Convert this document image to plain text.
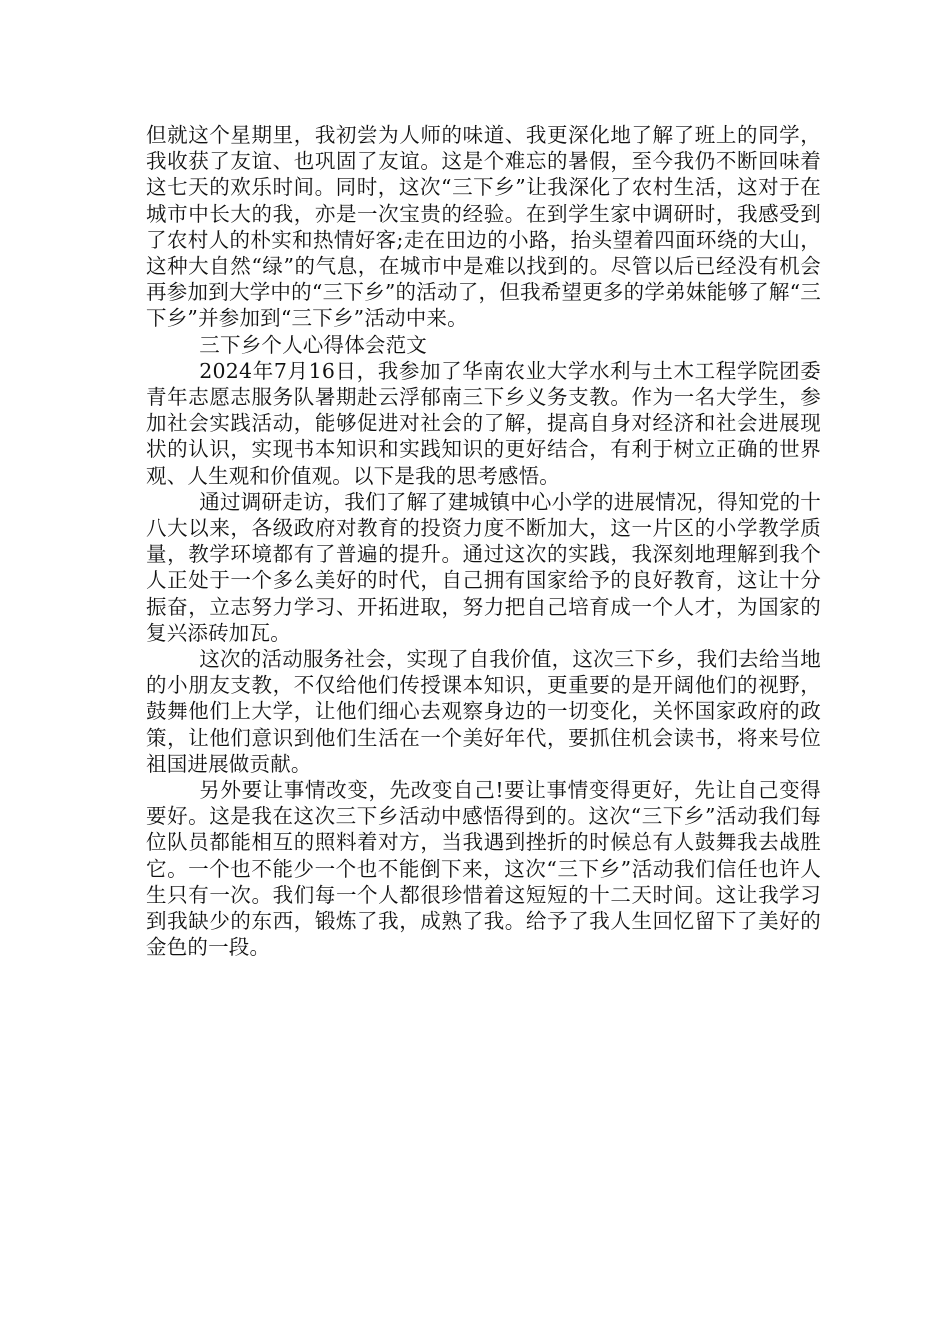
但就这个星期里，我初尝为人师的味道、我更深化地了解了班上的同学，我收获了友谊、也巩固了友谊。这是个难忘的暑假，至今我仍不断回味着这七天的欢乐时间。同时，这次“三下乡”让我深化了农村生活，这对于在城市中长大的我，亦是一次宝贵的经验。在到学生家中调研时，我感受到了农村人的朴实和热情好客;走在田边的小路，抬头望着四面环绕的大山，这种大自然“绿”的气息，在城市中是难以找到的。尽管以后已经没有机会再参加到大学中的“三下乡”的活动了，但我希望更多的学弟妹能够了解“三下乡”并参加到“三下乡”活动中来。

三下乡个人心得体会范文

2024年7月16日，我参加了华南农业大学水利与土木工程学院团委青年志愿志服务队暑期赴云浮郁南三下乡义务支教。作为一名大学生，参加社会实践活动，能够促进对社会的了解，提高自身对经济和社会进展现状的认识，实现书本知识和实践知识的更好结合，有利于树立正确的世界观、人生观和价值观。以下是我的思考感悟。

通过调研走访，我们了解了建城镇中心小学的进展情况，得知党的十八大以来，各级政府对教育的投资力度不断加大，这一片区的小学教学质量，教学环境都有了普遍的提升。通过这次的实践，我深刻地理解到我个人正处于一个多么美好的时代，自己拥有国家给予的良好教育，这让十分振奋，立志努力学习、开拓进取，努力把自己培育成一个人才，为国家的复兴添砖加瓦。

这次的活动服务社会，实现了自我价值，这次三下乡，我们去给当地的小朋友支教，不仅给他们传授课本知识，更重要的是开阔他们的视野，鼓舞他们上大学，让他们细心去观察身边的一切变化，关怀国家政府的政策，让他们意识到他们生活在一个美好年代，要抓住机会读书，将来号位祖国进展做贡献。

另外要让事情改变，先改变自己!要让事情变得更好，先让自己变得要好。这是我在这次三下乡活动中感悟得到的。这次“三下乡”活动我们每位队员都能相互的照料着对方，当我遇到挫折的时候总有人鼓舞我去战胜它。一个也不能少一个也不能倒下来，这次“三下乡”活动我们信任也许人生只有一次。我们每一个人都很珍惜着这短短的十二天时间。这让我学习到我缺少的东西，锻炼了我，成熟了我。给予了我人生回忆留下了美好的金色的一段。
